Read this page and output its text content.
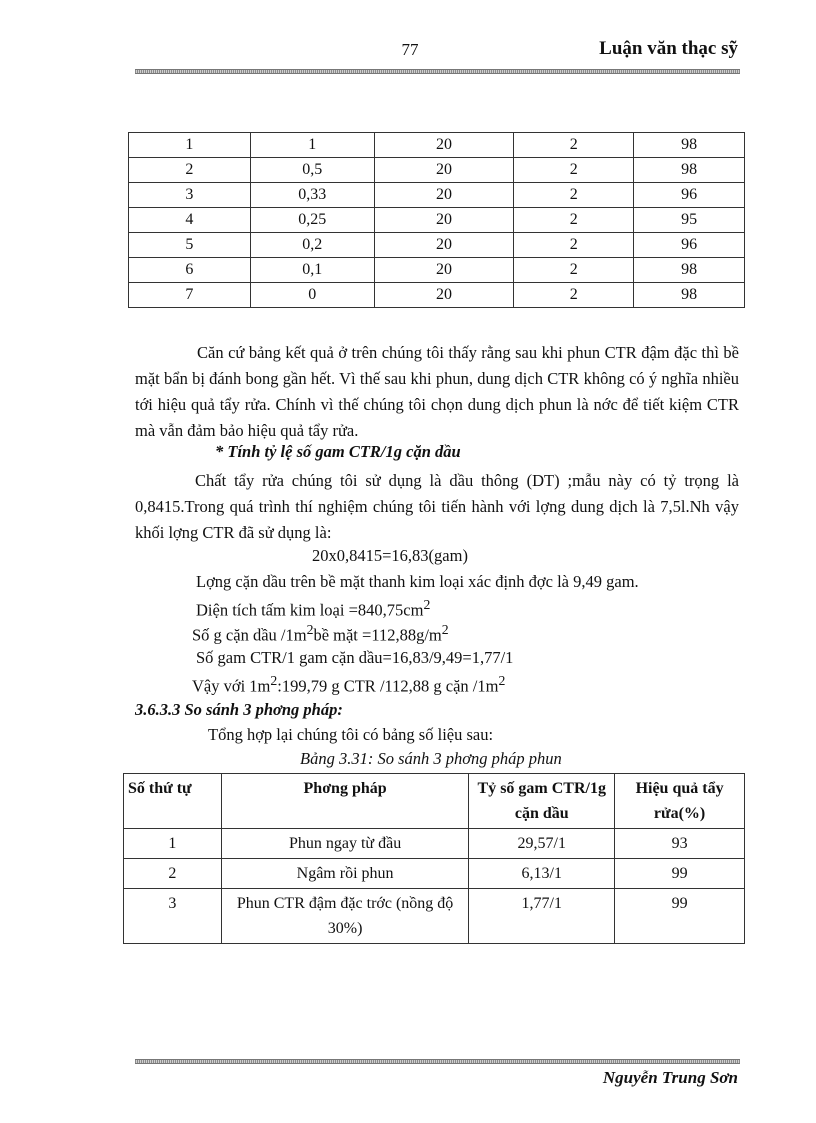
77	Luận văn thạc sỹ
1	1	20	2	98
2	0,5	20	2	98
3	0,33	20	2	96
4	0,25	20	2	95
5	0,2	20	2	96
6	0,1	20	2	98
7	0	20	2	98
Căn cứ bảng kết quả ở trên chúng tôi thấy rằng sau khi phun CTR đậm đặc thì bề mặt bẩn bị đánh bong gần hết. Vì thế sau khi phun, dung dịch CTR không có ý nghĩa nhiều tới hiệu quả tẩy rửa. Chính vì thế chúng tôi chọn dung dịch phun là nớc để tiết kiệm CTR mà vẫn đảm bảo hiệu quả tẩy rửa.
* Tính tỷ lệ số gam CTR/1g cặn dầu
Chất tẩy rửa chúng tôi sử dụng là dầu thông (DT) ;mẫu này có tỷ trọng là 0,8415.Trong quá trình thí nghiệm chúng tôi tiến hành với lợng dung dịch là 7,5l.Nh vậy khối lợng CTR đã sử dụng là:
20x0,8415=16,83(gam)
Lợng cặn dầu trên bề mặt thanh kim loại xác định đợc là 9,49 gam.
Diện tích tấm kim loại $=840,75cm^2$
Số g cặn dầu $/1m^2bề$ mặt $=112,88g/m^2$
Số gam CTR/1 gam cặn dầu=16,83/9,49=1,77/1
Vậy với $1m^2:199,79$ g CTR /112,88 g cặn $/1m^2$
3.6.3.3 So sánh 3 phơng pháp:
Tổng hợp lại chúng tôi có bảng số liệu sau:
Bảng 3.31: So sánh 3 phơng pháp phun
Số thứ tự	Phơng pháp	Tỷ số gam CTR/1g cặn dầu	Hiệu quả tẩy rửa(%)
1	Phun ngay từ đầu	29,57/1	93
2	Ngâm rồi phun	6,13/1	99
3	Phun CTR đậm đặc trớc (nồng độ 30%)	1,77/1	99
Nguyễn Trung Sơn
